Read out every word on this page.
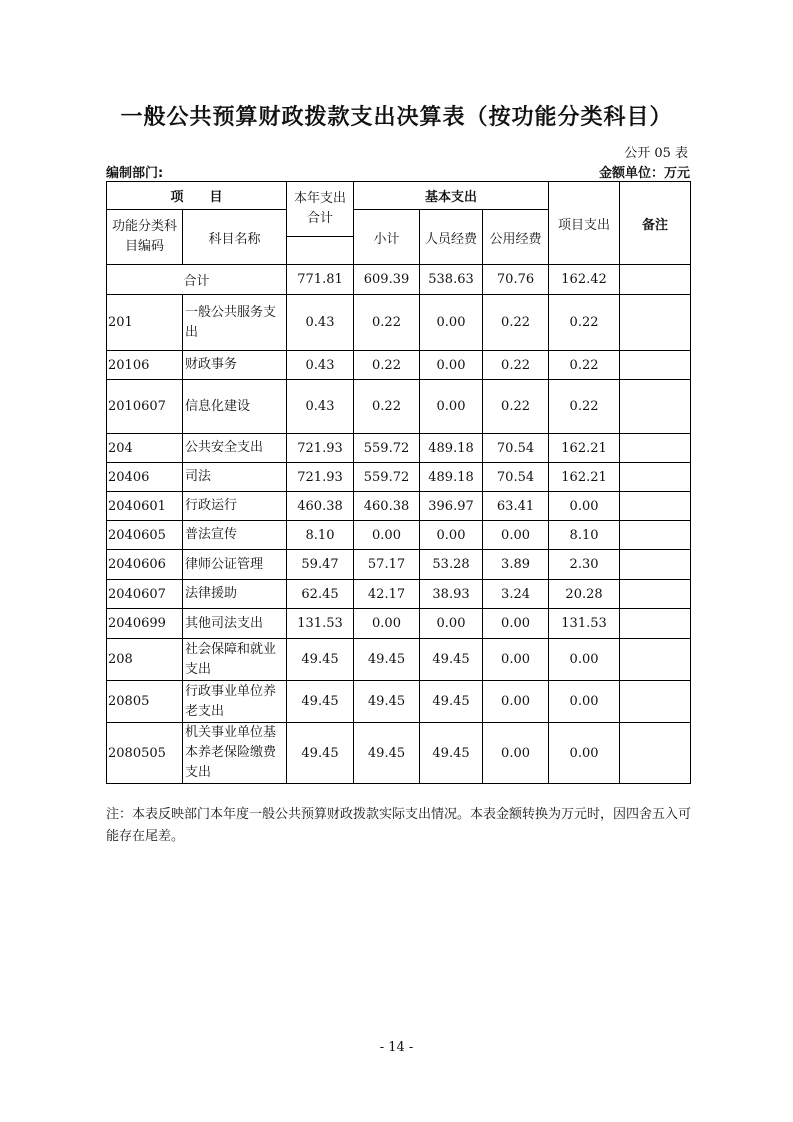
一般公共预算财政拨款支出决算表（按功能分类科目）
公开 05 表
编制部门:	金额单位：万元
项　　目		本年支出合计	基本支出			项目支出	备注
功能分类科目编码	科目名称		小计	人员经费	公用经费		

合计		771.81	609.39	538.63	70.76	162.42	
201	一般公共服务支出	0.43	0.22	0.00	0.22	0.22	
20106	财政事务	0.43	0.22	0.00	0.22	0.22	
2010607	信息化建设	0.43	0.22	0.00	0.22	0.22	
204	公共安全支出	721.93	559.72	489.18	70.54	162.21	
20406	司法	721.93	559.72	489.18	70.54	162.21	
2040601	行政运行	460.38	460.38	396.97	63.41	0.00	
2040605	普法宣传	8.10	0.00	0.00	0.00	8.10	
2040606	律师公证管理	59.47	57.17	53.28	3.89	2.30	
2040607	法律援助	62.45	42.17	38.93	3.24	20.28	
2040699	其他司法支出	131.53	0.00	0.00	0.00	131.53	
208	社会保障和就业支出	49.45	49.45	49.45	0.00	0.00	
20805	行政事业单位养老支出	49.45	49.45	49.45	0.00	0.00	
2080505	机关事业单位基本养老保险缴费支出	49.45	49.45	49.45	0.00	0.00	
注：本表反映部门本年度一般公共预算财政拨款实际支出情况。本表金额转换为万元时，因四舍五入可能存在尾差。
- 14 -
